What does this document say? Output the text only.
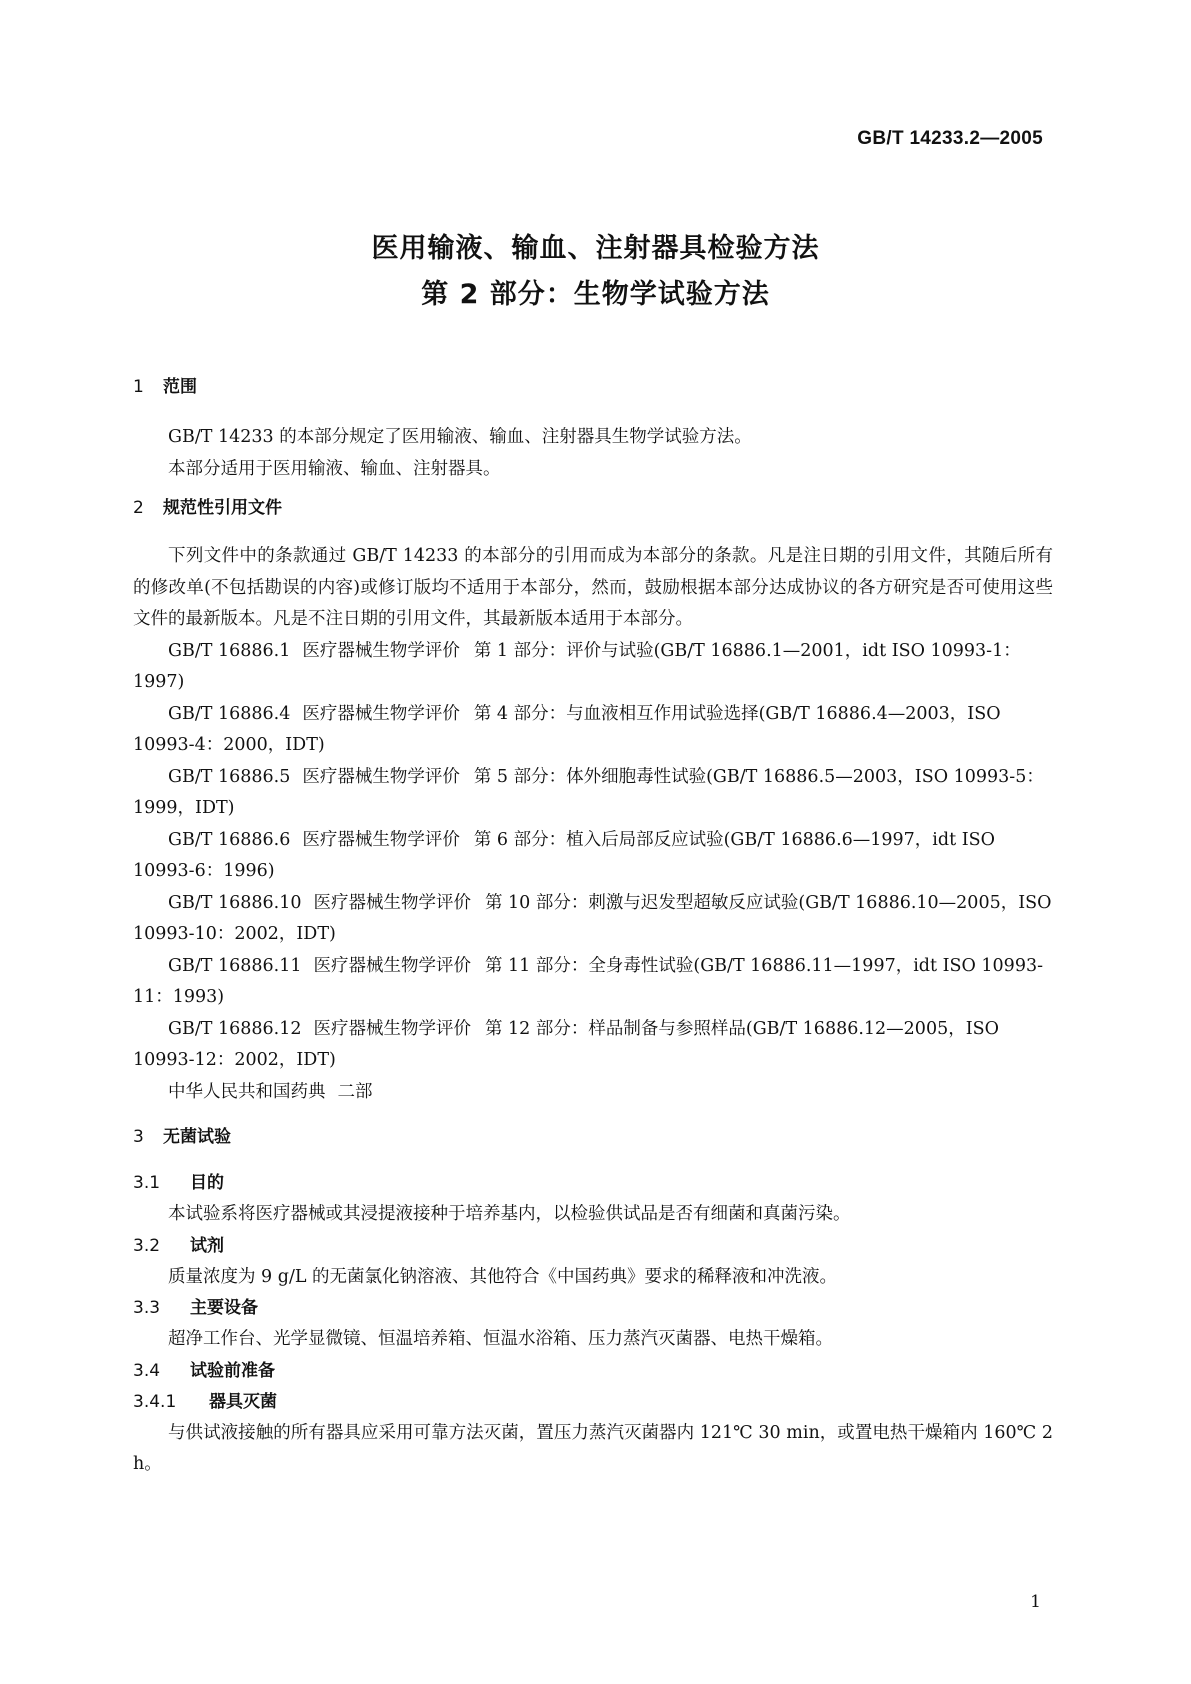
GB/T 14233.2—2005
医用输液、输血、注射器具检验方法
第 2 部分：生物学试验方法
1 范围

GB/T 14233 的本部分规定了医用输液、输血、注射器具生物学试验方法。

本部分适用于医用输液、输血、注射器具。

2 规范性引用文件

下列文件中的条款通过 GB/T 14233 的本部分的引用而成为本部分的条款。凡是注日期的引用文件，其随后所有的修改单(不包括勘误的内容)或修订版均不适用于本部分，然而，鼓励根据本部分达成协议的各方研究是否可使用这些文件的最新版本。凡是不注日期的引用文件，其最新版本适用于本部分。

GB/T 16886.1 医疗器械生物学评价 第 1 部分：评价与试验(GB/T 16886.1—2001，idt ISO 10993-1：1997)

GB/T 16886.4 医疗器械生物学评价 第 4 部分：与血液相互作用试验选择(GB/T 16886.4—2003，ISO 10993-4：2000，IDT)

GB/T 16886.5 医疗器械生物学评价 第 5 部分：体外细胞毒性试验(GB/T 16886.5—2003，ISO 10993-5：1999，IDT)

GB/T 16886.6 医疗器械生物学评价 第 6 部分：植入后局部反应试验(GB/T 16886.6—1997，idt ISO 10993-6：1996)

GB/T 16886.10 医疗器械生物学评价 第 10 部分：刺激与迟发型超敏反应试验(GB/T 16886.10—2005，ISO 10993-10：2002，IDT)

GB/T 16886.11 医疗器械生物学评价 第 11 部分：全身毒性试验(GB/T 16886.11—1997，idt ISO 10993-11：1993)

GB/T 16886.12 医疗器械生物学评价 第 12 部分：样品制备与参照样品(GB/T 16886.12—2005，ISO 10993-12：2002，IDT)

中华人民共和国药典 二部

3 无菌试验
3.1 目的

本试验系将医疗器械或其浸提液接种于培养基内，以检验供试品是否有细菌和真菌污染。

3.2 试剂

质量浓度为 9 g/L 的无菌氯化钠溶液、其他符合《中国药典》要求的稀释液和冲洗液。

3.3 主要设备

超净工作台、光学显微镜、恒温培养箱、恒温水浴箱、压力蒸汽灭菌器、电热干燥箱。

3.4 试验前准备
3.4.1 器具灭菌

与供试液接触的所有器具应采用可靠方法灭菌，置压力蒸汽灭菌器内 121℃ 30 min，或置电热干燥箱内 160℃ 2 h。

1
